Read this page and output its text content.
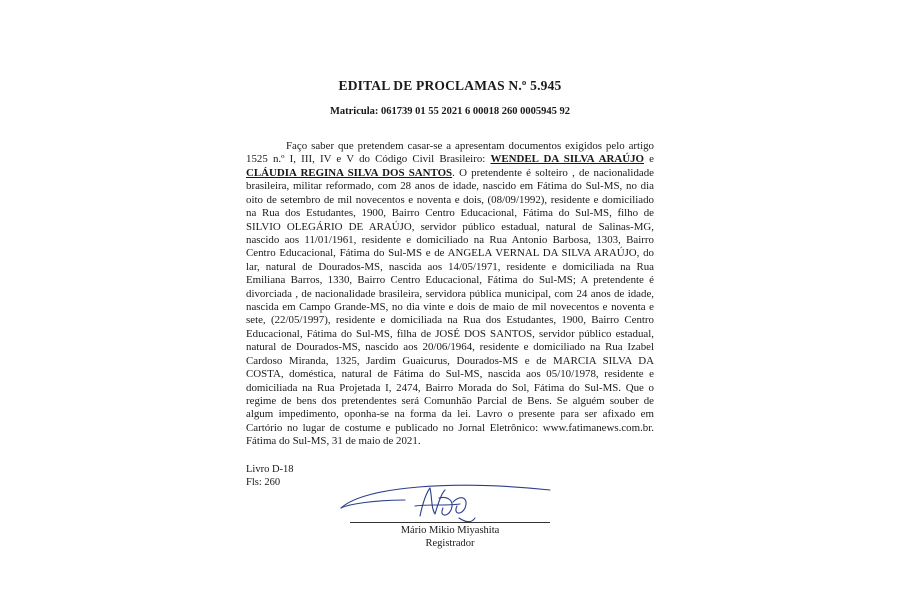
EDITAL DE PROCLAMAS N.º 5.945
Matricula: 061739 01 55 2021 6 00018 260 0005945 92

Faço saber que pretendem casar-se a apresentam documentos exigidos pelo artigo 1525 n.º I, III, IV e V do Código Civil Brasileiro: WENDEL DA SILVA ARAÚJO e CLÁUDIA REGINA SILVA DOS SANTOS. O pretendente é solteiro , de nacionalidade brasileira, militar reformado, com 28 anos de idade, nascido em Fátima do Sul-MS, no dia oito de setembro de mil novecentos e noventa e dois, (08/09/1992), residente e domiciliado na Rua dos Estudantes, 1900, Bairro Centro Educacional, Fátima do Sul-MS, filho de SILVIO OLEGÁRIO DE ARAÚJO, servidor público estadual, natural de Salinas-MG, nascido aos 11/01/1961, residente e domiciliado na Rua Antonio Barbosa, 1303, Bairro Centro Educacional, Fátima do Sul-MS e de ANGELA VERNAL DA SILVA ARAÚJO, do lar, natural de Dourados-MS, nascida aos 14/05/1971, residente e domiciliada na Rua Emiliana Barros, 1330, Bairro Centro Educacional, Fátima do Sul-MS; A pretendente é divorciada , de nacionalidade brasileira, servidora pública municipal, com 24 anos de idade, nascida em Campo Grande-MS, no dia vinte e dois de maio de mil novecentos e noventa e sete, (22/05/1997), residente e domiciliada na Rua dos Estudantes, 1900, Bairro Centro Educacional, Fátima do Sul-MS, filha de JOSÉ DOS SANTOS, servidor público estadual, natural de Dourados-MS, nascido aos 20/06/1964, residente e domiciliado na Rua Izabel Cardoso Miranda, 1325, Jardim Guaicurus, Dourados-MS e de MARCIA SILVA DA COSTA, doméstica, natural de Fátima do Sul-MS, nascida aos 05/10/1978, residente e domiciliada na Rua Projetada I, 2474, Bairro Morada do Sol, Fátima do Sul-MS. Que o regime de bens dos pretendentes será Comunhão Parcial de Bens. Se alguém souber de algum impedimento, oponha-se na forma da lei. Lavro o presente para ser afixado em Cartório no lugar de costume e publicado no Jornal Eletrônico: www.fatimanews.com.br. Fátima do Sul-MS, 31 de maio de 2021.

Livro D-18
Fls: 260
Mário Mikio Miyashita
Registrador
